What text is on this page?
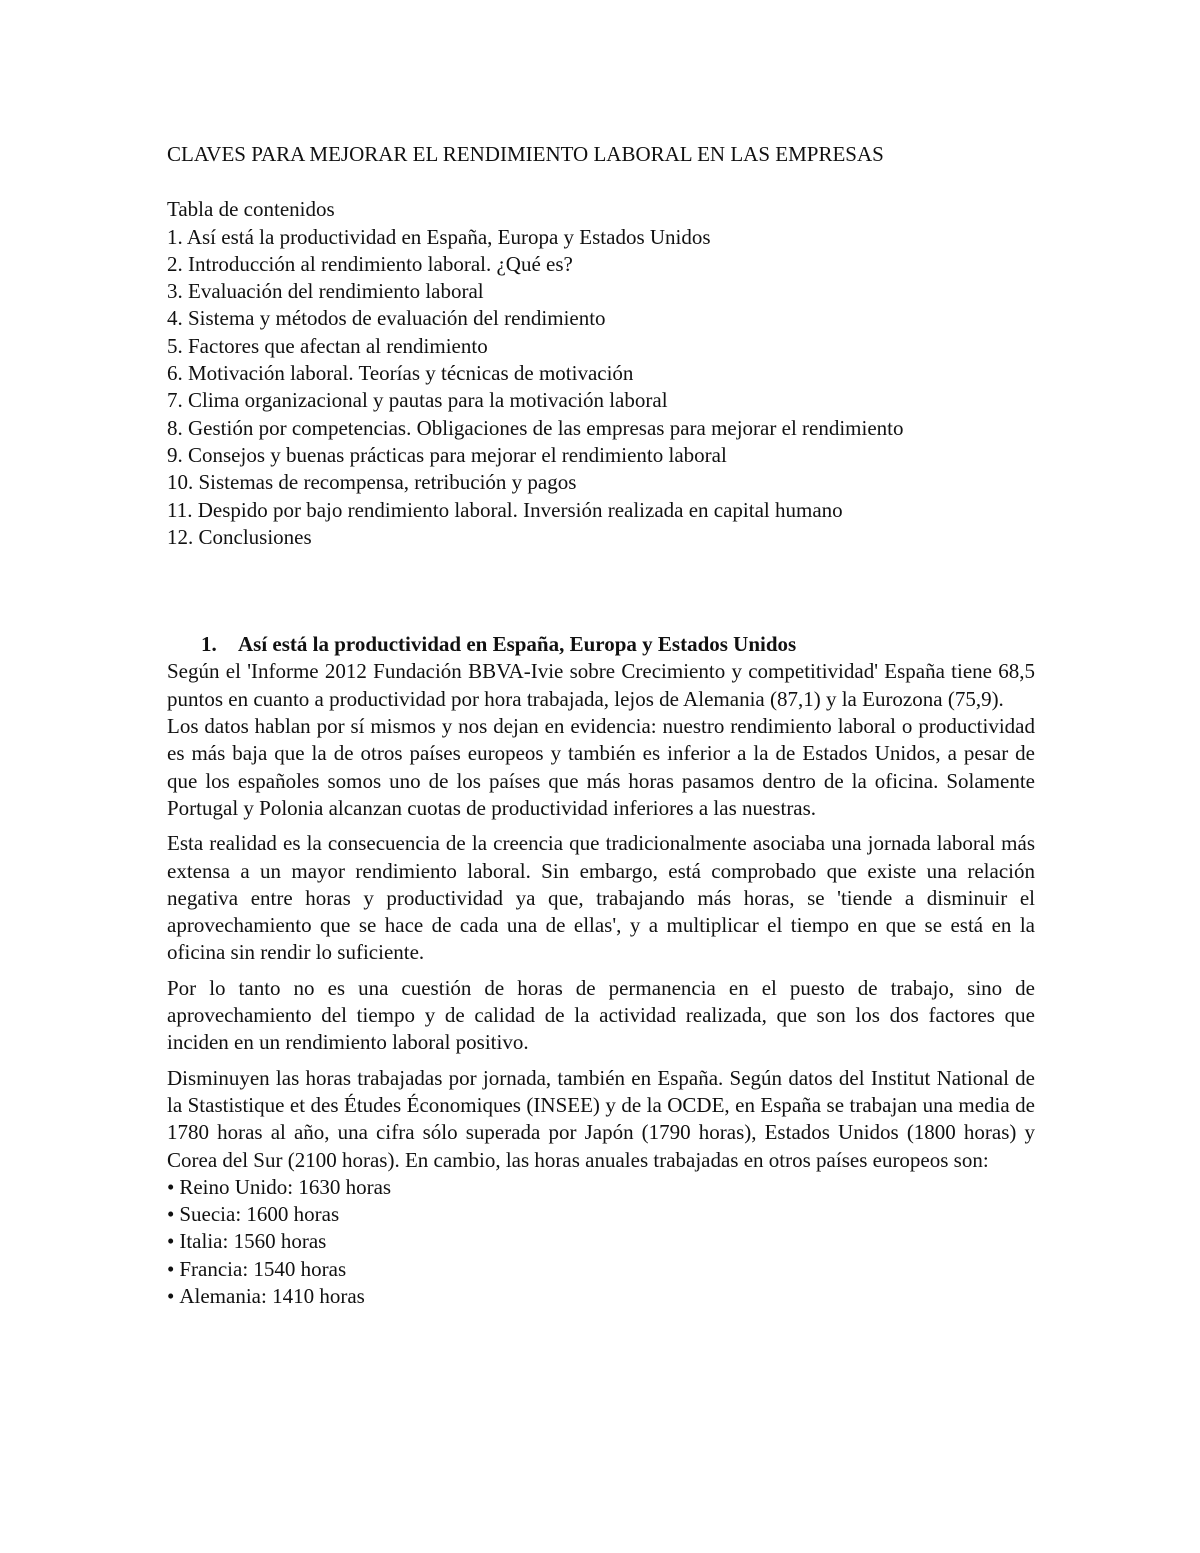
CLAVES PARA MEJORAR EL RENDIMIENTO LABORAL EN LAS EMPRESAS
Tabla de contenidos
1. Así está la productividad en España, Europa y Estados Unidos
2. Introducción al rendimiento laboral. ¿Qué es?
3. Evaluación del rendimiento laboral
4. Sistema y métodos de evaluación del rendimiento
5. Factores que afectan al rendimiento
6. Motivación laboral. Teorías y técnicas de motivación
7. Clima organizacional y pautas para la motivación laboral
8. Gestión por competencias. Obligaciones de las empresas para mejorar el rendimiento
9. Consejos y buenas prácticas para mejorar el rendimiento laboral
10. Sistemas de recompensa, retribución y pagos
11. Despido por bajo rendimiento laboral. Inversión realizada en capital humano
12. Conclusiones
1.	Así está la productividad en España, Europa y Estados Unidos

Según el 'Informe 2012 Fundación BBVA-Ivie sobre Crecimiento y competitividad' España tiene 68,5 puntos en cuanto a productividad por hora trabajada, lejos de Alemania (87,1) y la Eurozona (75,9).

Los datos hablan por sí mismos y nos dejan en evidencia: nuestro rendimiento laboral o productividad es más baja que la de otros países europeos y también es inferior a la de Estados Unidos, a pesar de que los españoles somos uno de los países que más horas pasamos dentro de la oficina. Solamente Portugal y Polonia alcanzan cuotas de productividad inferiores a las nuestras.

Esta realidad es la consecuencia de la creencia que tradicionalmente asociaba una jornada laboral más extensa a un mayor rendimiento laboral. Sin embargo, está comprobado que existe una relación negativa entre horas y productividad ya que, trabajando más horas, se 'tiende a disminuir el aprovechamiento que se hace de cada una de ellas', y a multiplicar el tiempo en que se está en la oficina sin rendir lo suficiente.

Por lo tanto no es una cuestión de horas de permanencia en el puesto de trabajo, sino de aprovechamiento del tiempo y de calidad de la actividad realizada, que son los dos factores que inciden en un rendimiento laboral positivo.

Disminuyen las horas trabajadas por jornada, también en España. Según datos del Institut National de la Stastistique et des Études Économiques (INSEE) y de la OCDE, en España se trabajan una media de 1780 horas al año, una cifra sólo superada por Japón (1790 horas), Estados Unidos (1800 horas) y Corea del Sur (2100 horas). En cambio, las horas anuales trabajadas en otros países europeos son:

• Reino Unido: 1630 horas
• Suecia: 1600 horas
• Italia: 1560 horas
• Francia: 1540 horas
• Alemania: 1410 horas
